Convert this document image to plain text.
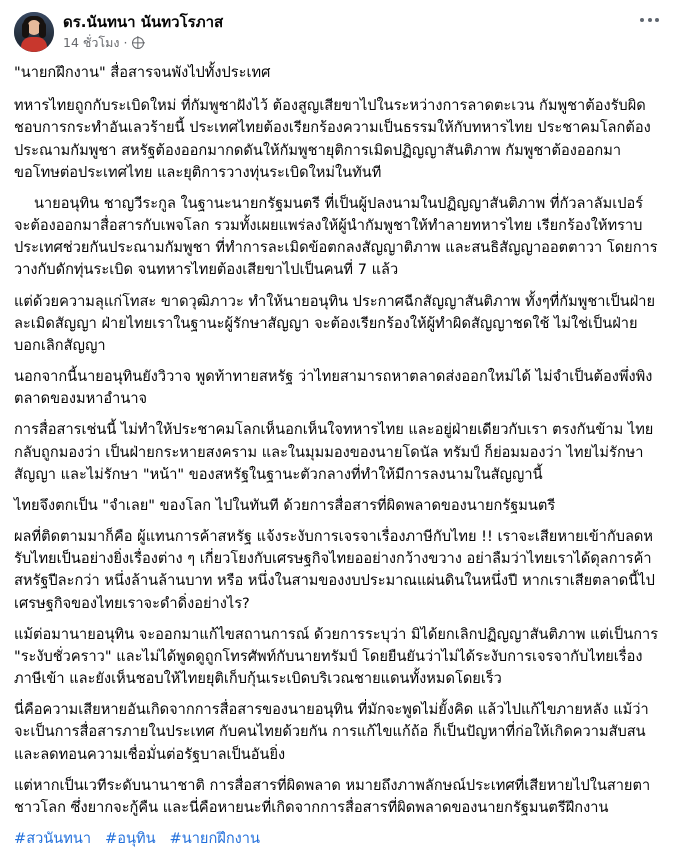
ดร.นันทนา นันทวโรภาส
14 ชั่วโมง ·

"นายกฝึกงาน" สื่อสารจนพังไปทั้งประเทศ

ทหารไทยถูกกับระเบิดใหม่ ที่กัมพูชาฝังไว้ ต้องสูญเสียขาไปในระหว่างการลาดตะเวน กัมพูชาต้องรับผิดชอบการกระทำอันเลวร้ายนี้ ประเทศไทยต้องเรียกร้องความเป็นธรรมให้กับทหารไทย ประชาคมโลกต้องประณามกัมพูชา สหรัฐต้องออกมากดดันให้กัมพูชายุติการเมิดปฏิญญาสันติภาพ กัมพูชาต้องออกมาขอโทษต่อประเทศไทย และยุติการวางทุ่นระเบิดใหม่ในทันที

นายอนุทิน ชาญวีระกูล ในฐานะนายกรัฐมนตรี ที่เป็นผู้ปลงนามในปฏิญญาสันติภาพ ที่กัวลาลัมเปอร์ จะต้องออกมาสื่อสารกับเพจโลก รวมทั้งเผยแพร่ลงให้ผู้นำกัมพูชาให้ทำลายทหารไทย เรียกร้องให้ทราบประเทศช่วยกันประณามกัมพูชา ที่ทำการละเมิดข้อตกลงสัญญาติภาพ และสนธิสัญญาออตตาวา โดยการวางกับดักทุ่นระเบิด จนทหารไทยต้องเสียขาไปเป็นคนที่ 7 แล้ว

แต่ด้วยความลุแก่โทสะ ขาดวุฒิภาวะ ทำให้นายอนุทิน ประกาศฉีกสัญญาสันติภาพ ทั้งๆที่กัมพูชาเป็นฝ่ายละเมิดสัญญา ฝ่ายไทยเราในฐานะผู้รักษาสัญญา จะต้องเรียกร้องให้ผู้ทำผิดสัญญาชดใช้ ไม่ใช่เป็นฝ่ายบอกเลิกสัญญา

นอกจากนี้นายอนุทินยังวิวาจ พูดท้าทายสหรัฐ ว่าไทยสามารถหาตลาดส่งออกใหม่ได้ ไม่จำเป็นต้องพึ่งพิงตลาดของมหาอำนาจ

การสื่อสารเช่นนี้ ไม่ทำให้ประชาคมโลกเห็นอกเห็นใจทหารไทย และอยู่ฝ่ายเดียวกับเรา ตรงกันข้าม ไทยกลับถูกมองว่า เป็นฝ่ายกระหายสงคราม และในมุมมองของนายโดนัล ทรัมป์ ก็ย่อมมองว่า ไทยไม่รักษาสัญญา และไม่รักษา "หน้า" ของสหรัฐในฐานะตัวกลางที่ทำให้มีการลงนามในสัญญานี้

ไทยจึงตกเป็น "จำเลย" ของโลก ไปในทันที ด้วยการสื่อสารที่ผิดพลาดของนายกรัฐมนตรี

ผลที่ติดตามมาก็คือ ผู้แทนการค้าสหรัฐ แจ้งระงับการเจรจาเรื่องภาษีกับไทย !! เราจะเสียหายเข้ากับลดหรับไทยเป็นอย่างยิ่งเรื่องต่าง ๆ เกี่ยวโยงกับเศรษฐกิจไทยออย่างกว้างขวาง อย่าลืมว่าไทยเราได้ดุลการค้าสหรัฐปีละกว่า หนึ่งล้านล้านบาท หรือ หนึ่งในสามของงบประมาณแผ่นดินในหนึ่งปี หากเราเสียตลาดนี้ไป เศรษฐกิจของไทยเราจะดำดิ่งอย่างไร?

แม้ต่อมานายอนุทิน จะออกมาแก้ไขสถานการณ์ ด้วยการระบุว่า มิได้ยกเลิกปฏิญญาสันติภาพ แต่เป็นการ "ระงับชั่วคราว" และไม่ได้พูดดูถูกโทรศัพท์กับนายทรัมป์ โดยยืนยันว่าไม่ได้ระงับการเจรจากับไทยเรื่องภาษีเข้า และยังเห็นชอบให้ไทยยุติเก็บกุ้นเระเบิดบริเวณชายแดนทั้งหมดโดยเร็ว

นี่คือความเสียหายอันเกิดจากการสื่อสารของนายอนุทิน ที่มักจะพูดไม่ยั้งคิด แล้วไปแก้ไขภายหลัง แม้ว่าจะเป็นการสื่อสารภายในประเทศ กับคนไทยด้วยกัน การแก้ไขแก้ถ้อ ก็เป็นปัญหาที่ก่อให้เกิดความสับสน และลดทอนความเชื่อมั่นต่อรัฐบาลเป็นอันยิ่ง

แต่หากเป็นเวทีระดับนานาชาติ การสื่อสารที่ผิดพลาด หมายถึงภาพลักษณ์ประเทศที่เสียหายไปในสายตาชาวโลก ซึ่งยากจะกู้คืน และนี่คือหายนะที่เกิดจากการสื่อสารที่ผิดพลาดของนายกรัฐมนตรีฝึกงาน

#สวนันทนา #อนุทิน #นายกฝึกงาน
